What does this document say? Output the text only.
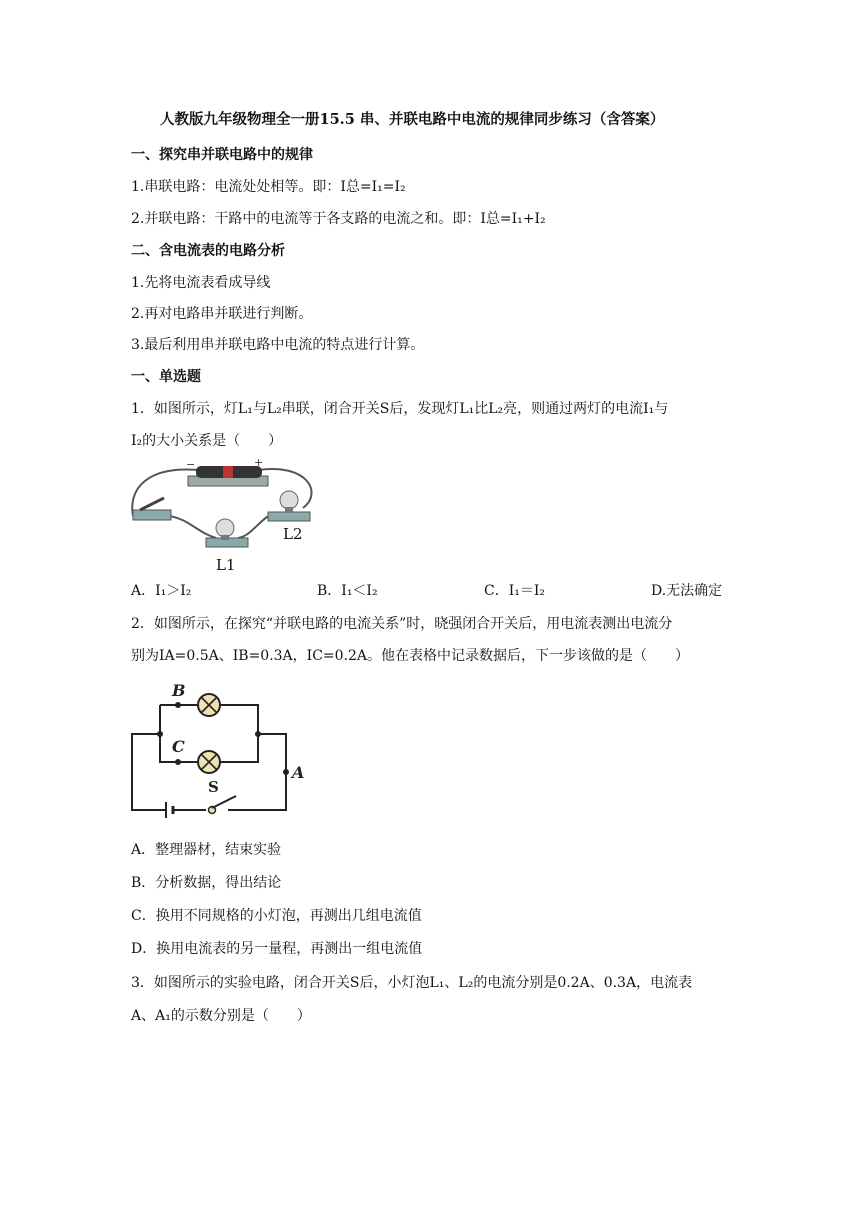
人教版九年级物理全一册15.5 串、并联电路中电流的规律同步练习（含答案）
一、探究串并联电路中的规律
1.串联电路：电流处处相等。即：I总=I₁=I₂
2.并联电路：干路中的电流等于各支路的电流之和。即：I总=I₁+I₂
二、含电流表的电路分析
1.先将电流表看成导线
2.再对电路串并联进行判断。
3.最后利用串并联电路中电流的特点进行计算。
一、单选题
1．如图所示，灯L₁与L₂串联，闭合开关S后，发现灯L₁比L₂亮，则通过两灯的电流I₁与
I₂的大小关系是（　　）
−	+
L1
L2
A．I₁＞I₂	B．I₁＜I₂	C．I₁＝I₂	D.无法确定
2．如图所示，在探究“并联电路的电流关系”时，晓强闭合开关后，用电流表测出电流分
别为IA=0.5A、IB=0.3A，IC=0.2A。他在表格中记录数据后，下一步该做的是（　　）
B
C
A
S
A．整理器材，结束实验
B．分析数据，得出结论
C．换用不同规格的小灯泡，再测出几组电流值
D．换用电流表的另一量程，再测出一组电流值
3．如图所示的实验电路，闭合开关S后，小灯泡L₁、L₂的电流分别是0.2A、0.3A，电流表
A、A₁的示数分别是（　　）
